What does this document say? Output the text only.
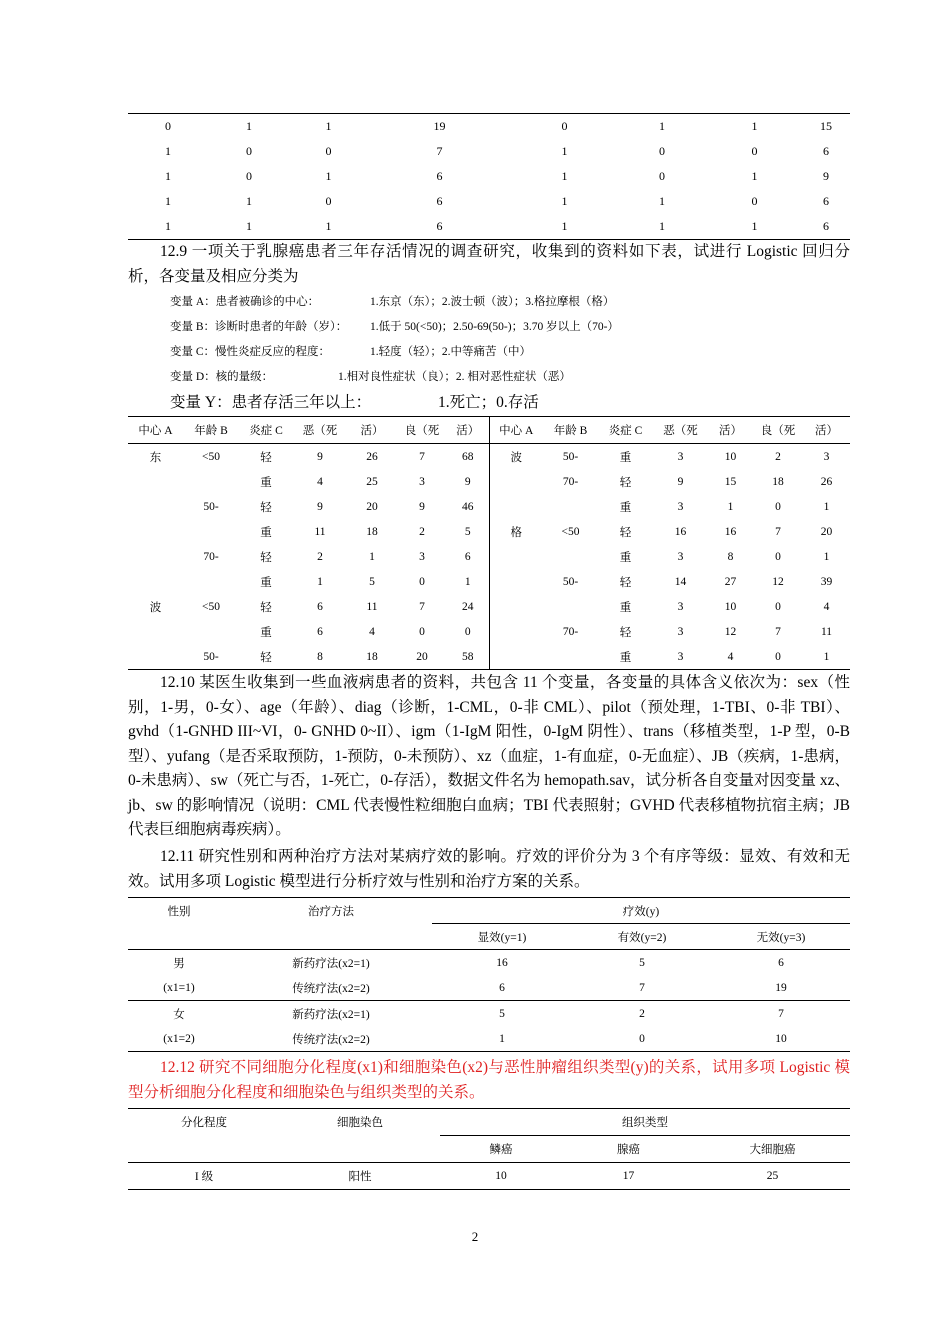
0	1	1	19	0	1	1	15
1	0	0	7	1	0	0	6
1	0	1	6	1	0	1	9
1	1	0	6	1	1	0	6
1	1	1	6	1	1	1	6
12.9 一项关于乳腺癌患者三年存活情况的调查研究，收集到的资料如下表，试进行 Logistic 回归分析，各变量及相应分类为
变量 A：患者被确诊的中心：	1.东京（东）；2.波士顿（波）；3.格拉摩根（格）
变量 B：诊断时患者的年龄（岁）： 1.低于 50(<50)；2.50-69(50-)；3.70 岁以上（70-）
变量 C：慢性炎症反应的程度：	1.轻度（轻）；2.中等痛苦（中）
变量 D：核的量级：	1.相对良性症状（良）；2. 相对恶性症状（恶）
变量 Y：患者存活三年以上：	1.死亡；0.存活
中心 A	年龄 B	炎症 C	恶（死	活）	良（死	活）	中心 A	年龄 B	炎症 C	恶（死	活）	良（死	活）
东	<50	轻	9	26	7	68	波	50-	重	3	10	2	3
		重	4	25	3	9		70-	轻	9	15	18	26
	50-	轻	9	20	9	46			重	3	1	0	1
		重	11	18	2	5	格	<50	轻	16	16	7	20
	70-	轻	2	1	3	6			重	3	8	0	1
		重	1	5	0	1		50-	轻	14	27	12	39
波	<50	轻	6	11	7	24			重	3	10	0	4
		重	6	4	0	0		70-	轻	3	12	7	11
	50-	轻	8	18	20	58			重	3	4	0	1
12.10 某医生收集到一些血液病患者的资料，共包含 11 个变量，各变量的具体含义依次为：sex（性别，1-男，0-女）、age（年龄）、diag（诊断，1-CML，0-非 CML）、pilot（预处理，1-TBI、0-非 TBI）、gvhd（1-GNHD III~VI，0- GNHD 0~II）、igm（1-IgM 阳性，0-IgM 阴性）、trans（移植类型，1-P 型，0-B 型）、yufang（是否采取预防，1-预防，0-未预防）、xz（血症，1-有血症，0-无血症）、JB（疾病，1-患病，0-未患病）、sw（死亡与否，1-死亡，0-存活），数据文件名为 hemopath.sav，试分析各自变量对因变量 xz、jb、sw 的影响情况（说明：CML 代表慢性粒细胞白血病；TBI 代表照射；GVHD 代表移植物抗宿主病；JB 代表巨细胞病毒疾病）。
12.11 研究性别和两种治疗方法对某病疗效的影响。疗效的评价分为 3 个有序等级：显效、有效和无效。试用多项 Logistic 模型进行分析疗效与性别和治疗方案的关系。
性别	治疗方法	疗效(y)		
		显效(y=1)	有效(y=2)	无效(y=3)
男	新药疗法(x2=1)	16	5	6
(x1=1)	传统疗法(x2=2)	6	7	19
女	新药疗法(x2=1)	5	2	7
(x1=2)	传统疗法(x2=2)	1	0	10
12.12 研究不同细胞分化程度(x1)和细胞染色(x2)与恶性肿瘤组织类型(y)的关系，试用多项 Logistic 模型分析细胞分化程度和细胞染色与组织类型的关系。
分化程度	细胞染色	组织类型		
		鳞癌	腺癌	大细胞癌
I 级	阳性	10	17	25
2
